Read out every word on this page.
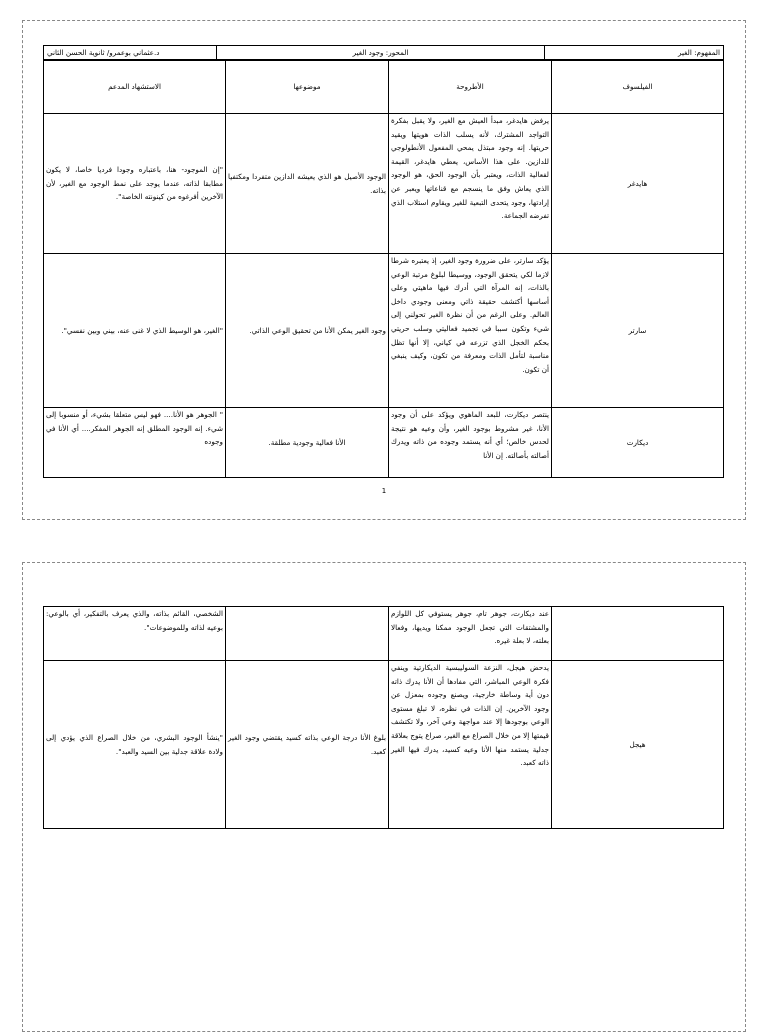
المفهوم: الغير	المحور: وجود الغير	د.عثماني بوعمرو/ ثانوية الحسن الثاني
الفيلسوف	الأطروحة	موضوعها	الاستشهاد المدعم
هايدغر	يرفض هايدغر، مبدأ العيش مع الغير، ولا يقبل بفكرة التواجد المشترك، لأنه يسلب الذات هويتها ويقيد حريتها. إنه وجود مبتذل يمحي المفعول الأنطولوجي للدازين. على هذا الأساس، يعطي هايدغر، القيمة لفعالية الذات، ويعتبر بأن الوجود الحق، هو الوجود الذي يعاش وفق ما ينسجم مع قناعاتها ويعبر عن إرادتها، وجود يتحدى التبعية للغير ويقاوم استلاب الذي تفرضه الجماعة.	الوجود الأصيل هو الذي يعيشه الدازين متفردا ومكتفيا بذاته.	"إن الموجود- هنا، باعتباره وجودا فرديا خاصا، لا يكون مطابقا لذاته، عندما يوجد على نمط الوجود مع الغير، لأن الآخرين أفرغوه من كينونته الخاصة".
سارتر	يؤكد سارتر، على ضرورة وجود الغير، إذ يعتبره شرطا لازما لكي يتحقق الوجود، ووسيطا لبلوغ مرتبة الوعي بالذات، إنه المرآة التي أدرك فيها ماهيتي وعلى أساسها أكتشف حقيقة ذاتي ومعنى وجودي داخل العالم. وعلى الرغم من أن نظرة الغير تحولني إلى شيء وتكون سببا في تجميد فعاليتي وسلب حريتي بحكم الخجل الذي تزرعه في كياني، إلا أنها تظل مناسبة لتأمل الذات ومعرفة من تكون، وكيف ينبغي أن تكون.	وجود الغير يمكن الأنا من تحقيق الوعي الذاتي.	"الغير، هو الوسيط الذي لا غنى عنه، بيني وبين نفسي".
ديكارت	ينتصر ديكارت، للبعد الماهوي ويؤكد على أن وجود الأنا، غير مشروط بوجود الغير، وأن وعيه هو نتيجة لحدس خالص؛ أي أنه يستمد وجوده من ذاته ويدرك أصالته بأصالته. إن الأنا	الأنا فعالية وجودية مطلقة.	" الجوهر هو الأنا.... فهو ليس متعلقا بشيء، أو منسوبا إلى شيء. إنه الوجود المطلق إنه الجوهر المفكر.... أي الأنا في وجوده
1
	عند ديكارت، جوهر تام، جوهر يستوفي كل اللوازم والمشتقات التي تجعل الوجود ممكنا ويديها، وفعالا بعلته، لا بعلة غيره.		الشخصي، القائم بذاته، والذي يعرف بالتفكير، أي بالوعي: بوعيه لذاته وللموضوعات".
هيجل	يدحض هيجل، النزعة السوليبسية الديكارتية وينفي فكرة الوعي المباشر، التي مفادها أن الأنا يدرك ذاته دون أية وساطة خارجية، ويصنع وجوده بمعزل عن وجود الآخرين. إن الذات في نظره، لا تبلغ مستوى الوعي بوجودها إلا عند مواجهة وعي آخر، ولا تكتشف قيمتها إلا من خلال الصراع مع الغير، صراع يتوج بعلاقة جدلية يستمد منها الأنا وعيه كسيد، يدرك فيها الغير ذاته كعبد.	بلوغ الأنا درجة الوعي بذاته كسيد يقتضي وجود الغير كعبد.	"ينشأ الوجود البشري، من خلال الصراع الذي يؤدي إلى ولادة علاقة جدلية بين السيد والعبد".
